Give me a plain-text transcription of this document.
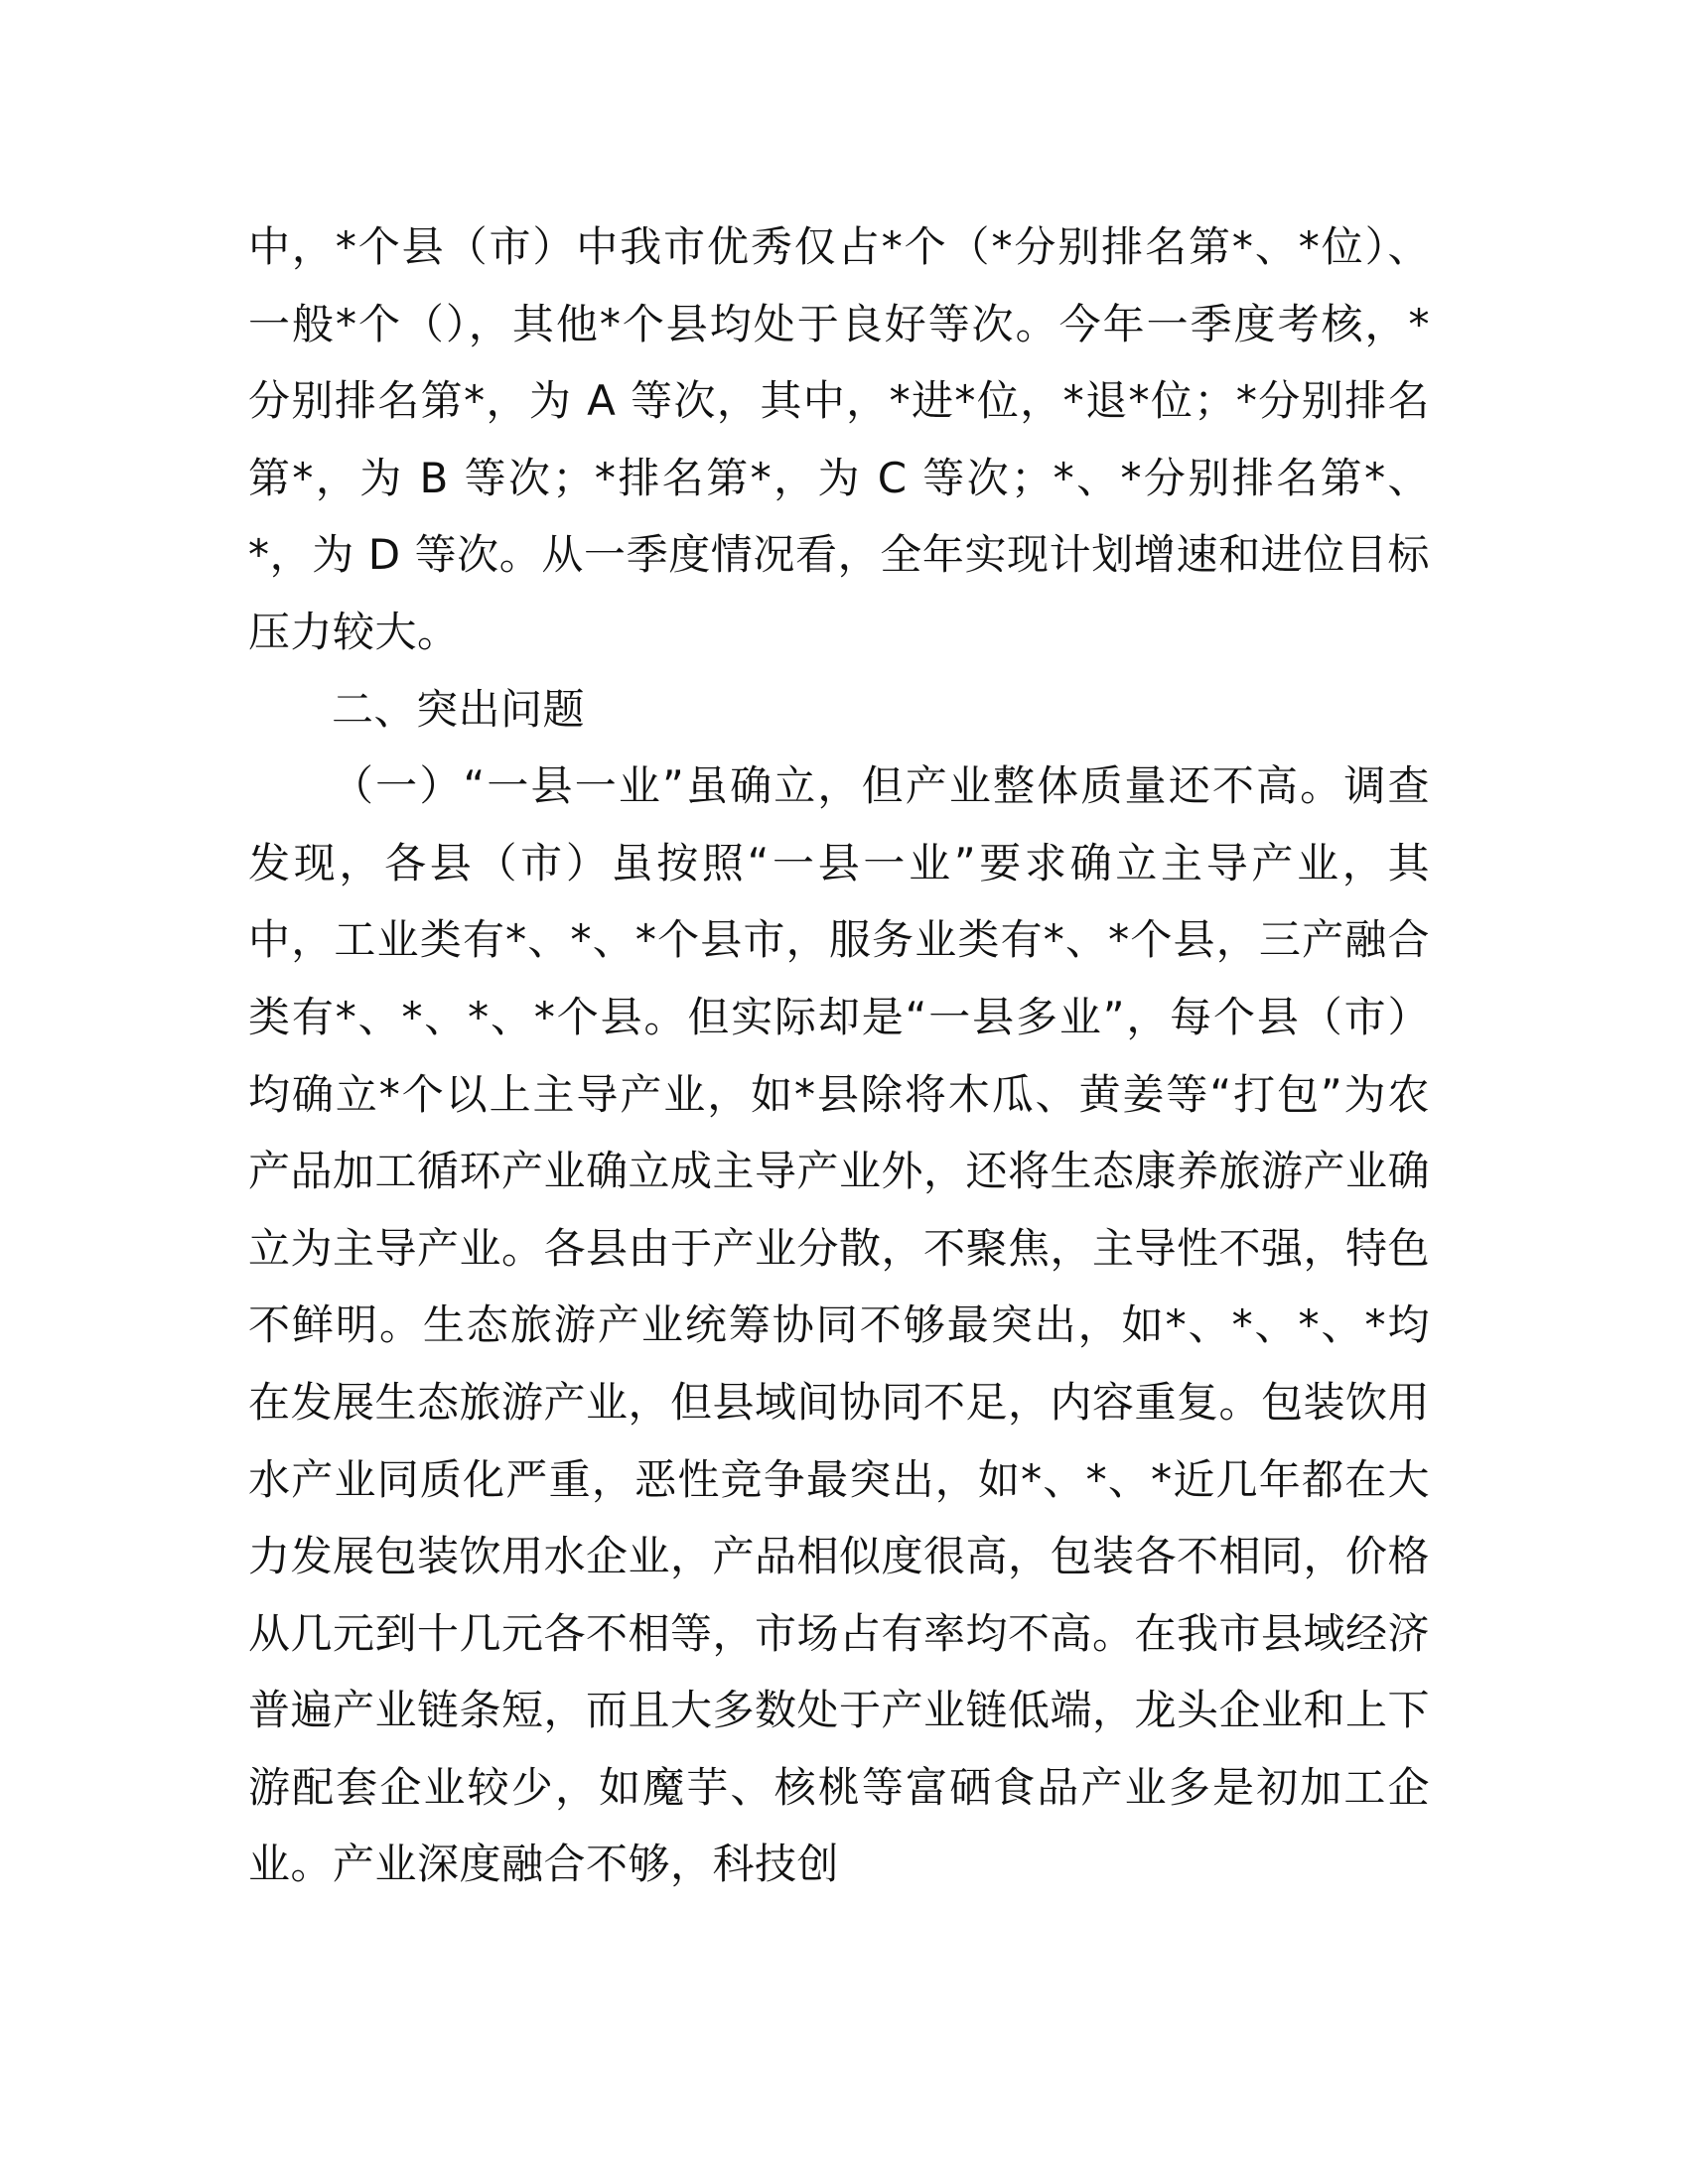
中，*个县（市）中我市优秀仅占*个（*分别排名第*、*位）、一般*个（），其他*个县均处于良好等次。今年一季度考核，*分别排名第*，为 A 等次，其中，*进*位，*退*位；*分别排名第*，为 B 等次；*排名第*，为 C 等次；*、*分别排名第*、*，为 D 等次。从一季度情况看，全年实现计划增速和进位目标压力较大。

二、突出问题

（一）“一县一业”虽确立，但产业整体质量还不高。调查发现，各县（市）虽按照“一县一业”要求确立主导产业，其中，工业类有*、*、*个县市，服务业类有*、*个县，三产融合类有*、*、*、*个县。但实际却是“一县多业”，每个县（市）均确立*个以上主导产业，如*县除将木瓜、黄姜等“打包”为农产品加工循环产业确立成主导产业外，还将生态康养旅游产业确立为主导产业。各县由于产业分散，不聚焦，主导性不强，特色不鲜明。生态旅游产业统筹协同不够最突出，如*、*、*、*均在发展生态旅游产业，但县域间协同不足，内容重复。包装饮用水产业同质化严重，恶性竞争最突出，如*、*、*近几年都在大力发展包装饮用水企业，产品相似度很高，包装各不相同，价格从几元到十几元各不相等，市场占有率均不高。在我市县域经济普遍产业链条短，而且大多数处于产业链低端，龙头企业和上下游配套企业较少，如魔芋、核桃等富硒食品产业多是初加工企业。产业深度融合不够，科技创
